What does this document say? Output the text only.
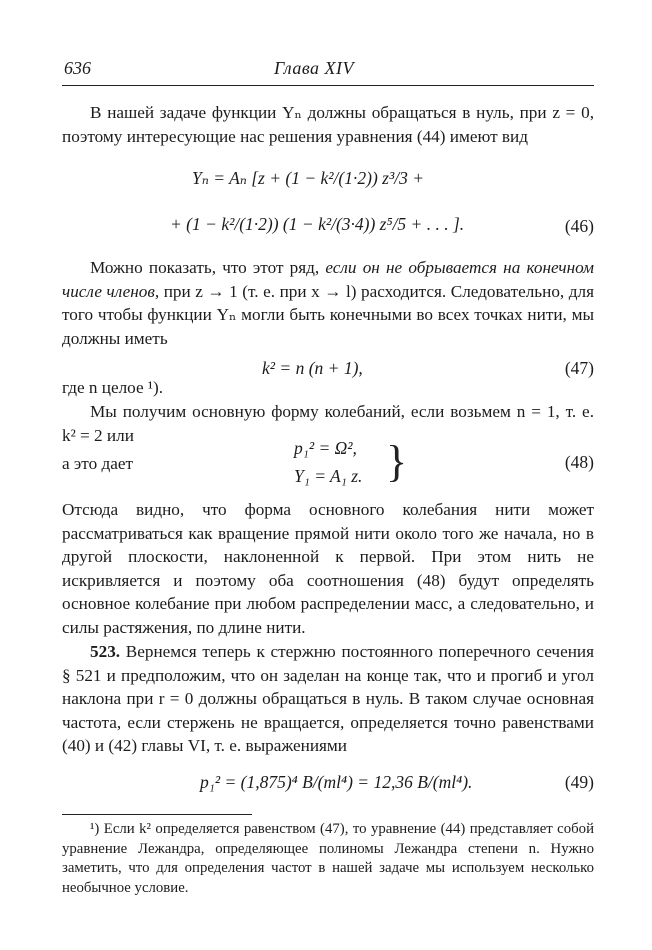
636	Глава XIV

В нашей задаче функции Yₙ должны обращаться в нуль, при z = 0, поэтому интересующие нас решения уравнения (44) имеют вид

Yₙ = Aₙ [z + (1 − k²/(1·2)) z³/3 +
+ (1 − k²/(1·2)) (1 − k²/(3·4)) z⁵/5 + . . . ].	(46)

Можно показать, что этот ряд, если он не обрывается на конечном числе членов, при z → 1 (т. е. при x → l) расходится. Следовательно, для того чтобы функции Yₙ могли быть конечными во всех точках нити, мы должны иметь

k² = n (n + 1),	(47)

где n целое ¹).

Мы получим основную форму колебаний, если возьмем n = 1, т. е. k² = 2 или

а это дает
p₁² = Ω²,
Y₁ = A₁ z. }	(48)

Отсюда видно, что форма основного колебания нити может рассматриваться как вращение прямой нити около того же начала, но в другой плоскости, наклоненной к первой. При этом нить не искривляется и поэтому оба соотношения (48) будут определять основное колебание при любом распределении масс, а следовательно, и силы растяжения, по длине нити.

523. Вернемся теперь к стержню постоянного поперечного сечения § 521 и предположим, что он заделан на конце так, что и прогиб и угол наклона при r = 0 должны обращаться в нуль. В таком случае основная частота, если стержень не вращается, определяется точно равенствами (40) и (42) главы VI, т. е. выражениями

p₁² = (1,875)⁴ B/(ml⁴) = 12,36 B/(ml⁴).	(49)
¹) Если k² определяется равенством (47), то уравнение (44) представляет собой уравнение Лежандра, определяющее полиномы Лежандра степени n. Нужно заметить, что для определения частот в нашей задаче мы используем несколько необычное условие.
